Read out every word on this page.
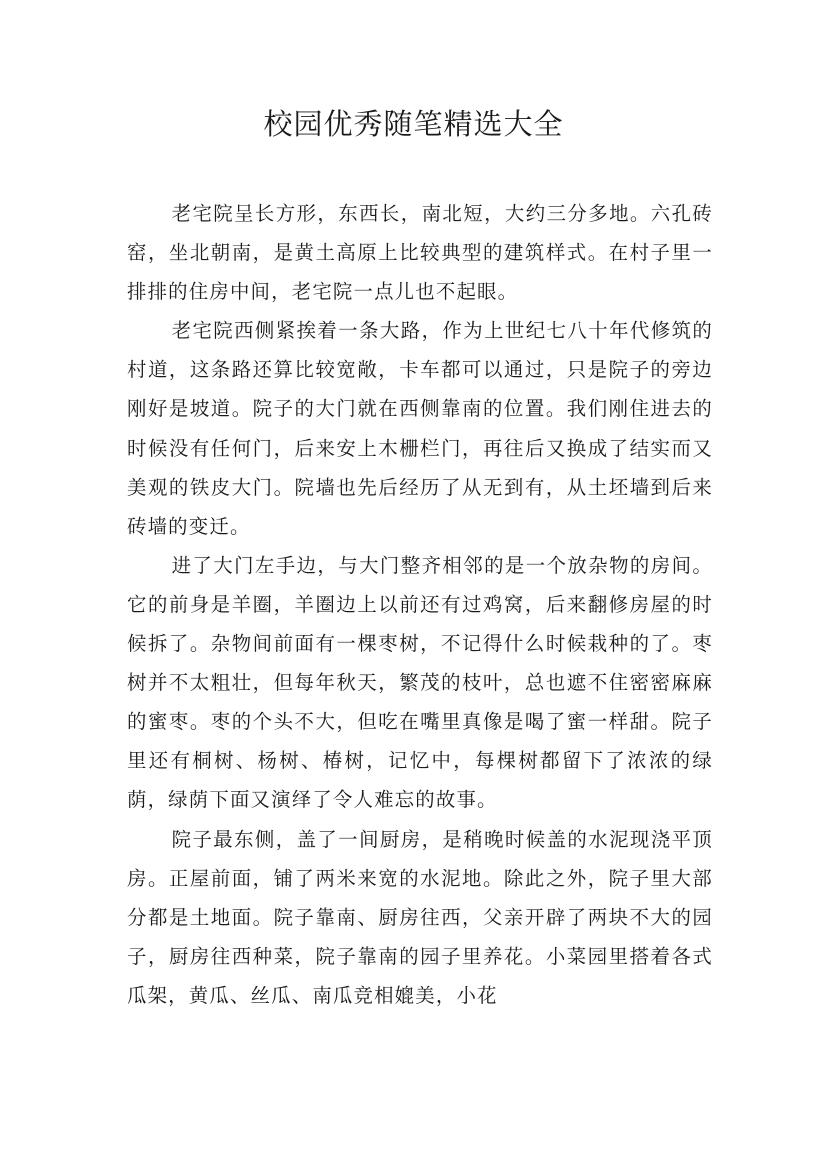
校园优秀随笔精选大全

老宅院呈长方形，东西长，南北短，大约三分多地。六孔砖窑，坐北朝南，是黄土高原上比较典型的建筑样式。在村子里一排排的住房中间，老宅院一点儿也不起眼。

老宅院西侧紧挨着一条大路，作为上世纪七八十年代修筑的村道，这条路还算比较宽敞，卡车都可以通过，只是院子的旁边刚好是坡道。院子的大门就在西侧靠南的位置。我们刚住进去的时候没有任何门，后来安上木栅栏门，再往后又换成了结实而又美观的铁皮大门。院墙也先后经历了从无到有，从土坯墙到后来砖墙的变迁。

进了大门左手边，与大门整齐相邻的是一个放杂物的房间。它的前身是羊圈，羊圈边上以前还有过鸡窝，后来翻修房屋的时候拆了。杂物间前面有一棵枣树，不记得什么时候栽种的了。枣树并不太粗壮，但每年秋天，繁茂的枝叶，总也遮不住密密麻麻的蜜枣。枣的个头不大，但吃在嘴里真像是喝了蜜一样甜。院子里还有桐树、杨树、椿树，记忆中，每棵树都留下了浓浓的绿荫，绿荫下面又演绎了令人难忘的故事。

院子最东侧，盖了一间厨房，是稍晚时候盖的水泥现浇平顶房。正屋前面，铺了两米来宽的水泥地。除此之外，院子里大部分都是土地面。院子靠南、厨房往西，父亲开辟了两块不大的园子，厨房往西种菜，院子靠南的园子里养花。小菜园里搭着各式瓜架，黄瓜、丝瓜、南瓜竞相媲美，小花
